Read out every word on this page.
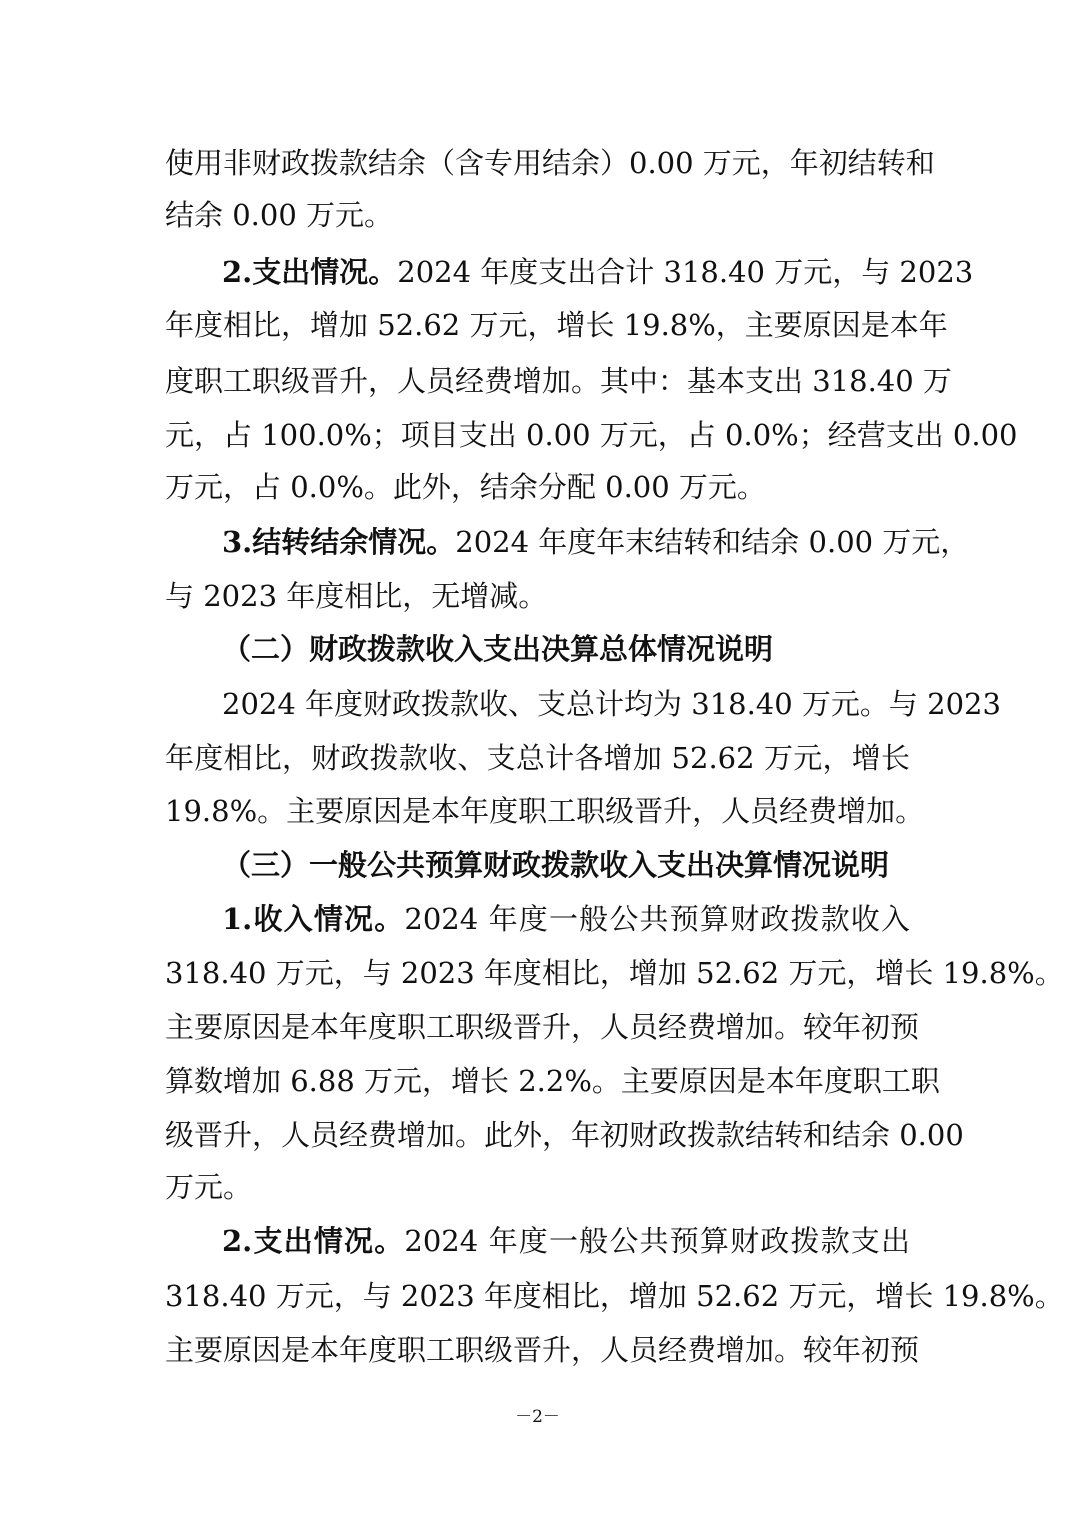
使用非财政拨款结余（含专用结余）0.00 万元，年初结转和
结余 0.00 万元。
2.支出情况。2024 年度支出合计 318.40 万元，与 2023
年度相比，增加 52.62 万元，增长 19.8%，主要原因是本年
度职工职级晋升，人员经费增加。其中：基本支出 318.40 万
元，占 100.0%；项目支出 0.00 万元，占 0.0%；经营支出 0.00
万元，占 0.0%。此外，结余分配 0.00 万元。
3.结转结余情况。2024 年度年末结转和结余 0.00 万元，
与 2023 年度相比，无增减。
（二）财政拨款收入支出决算总体情况说明
2024 年度财政拨款收、支总计均为 318.40 万元。与 2023
年度相比，财政拨款收、支总计各增加 52.62 万元，增长
19.8%。主要原因是本年度职工职级晋升，人员经费增加。
（三）一般公共预算财政拨款收入支出决算情况说明
1.收入情况。2024 年度一般公共预算财政拨款收入
318.40 万元，与 2023 年度相比，增加 52.62 万元，增长 19.8%。
主要原因是本年度职工职级晋升，人员经费增加。较年初预
算数增加 6.88 万元，增长 2.2%。主要原因是本年度职工职
级晋升，人员经费增加。此外，年初财政拨款结转和结余 0.00
万元。
2.支出情况。2024 年度一般公共预算财政拨款支出
318.40 万元，与 2023 年度相比，增加 52.62 万元，增长 19.8%。
主要原因是本年度职工职级晋升，人员经费增加。较年初预
－2－
